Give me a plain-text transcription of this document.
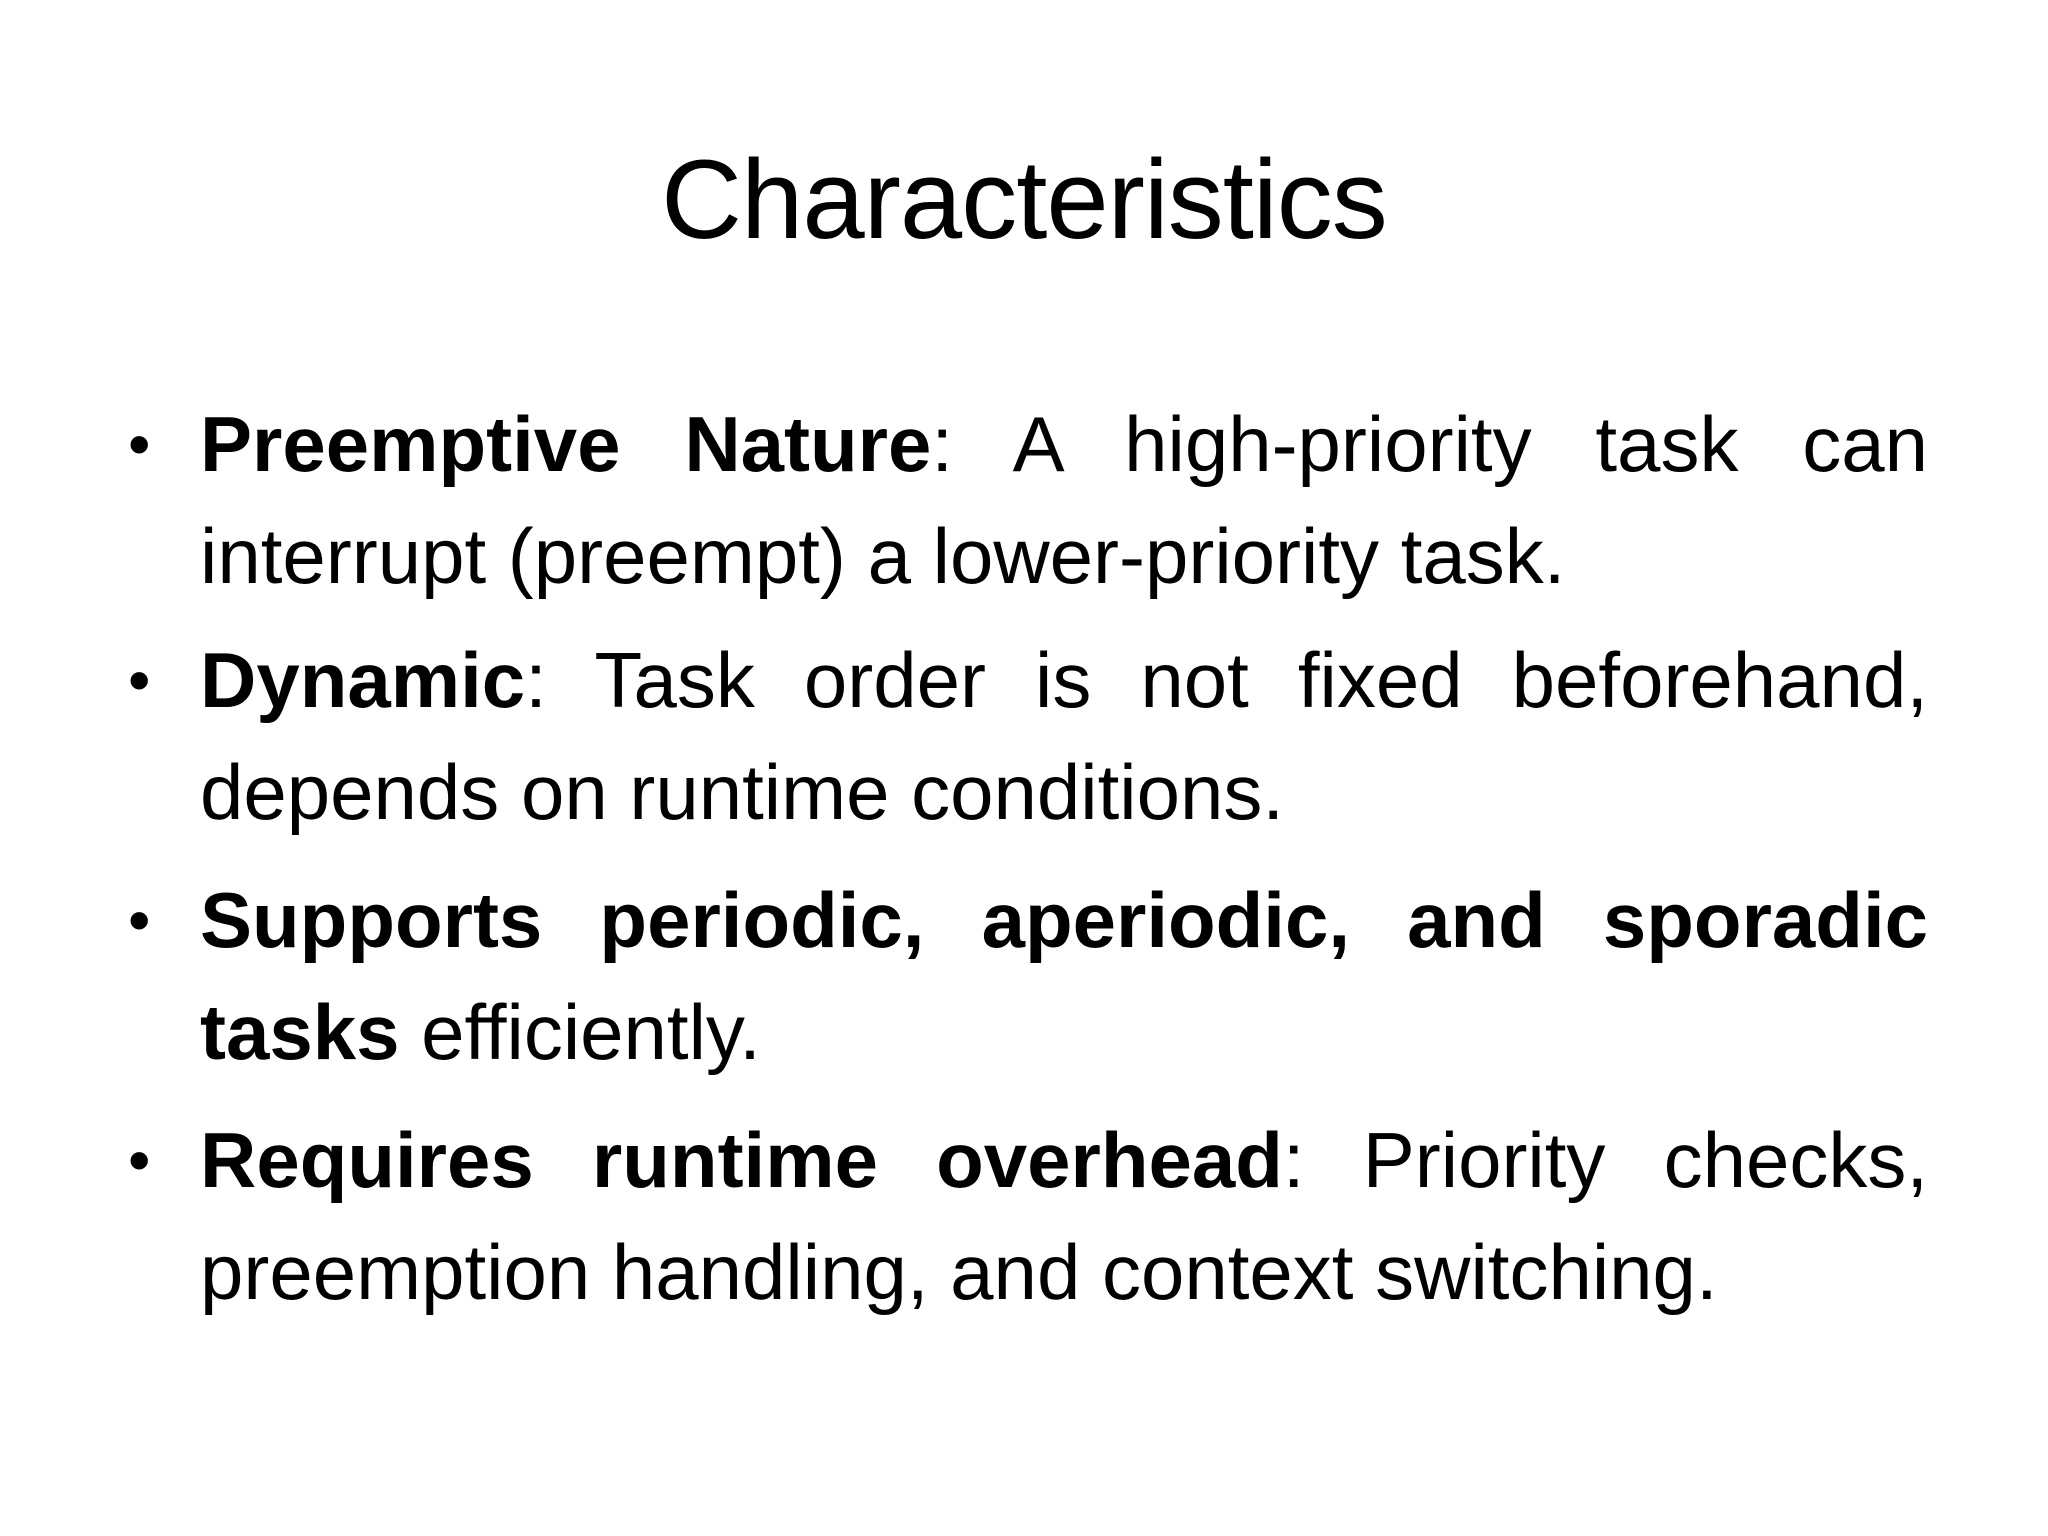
Characteristics
• Preemptive Nature: A high-priority task can interrupt (preempt) a lower-priority task.
• Dynamic: Task order is not fixed beforehand, depends on runtime conditions.
• Supports periodic, aperiodic, and sporadic tasks efficiently.
• Requires runtime overhead: Priority checks, preemption handling, and context switching.
